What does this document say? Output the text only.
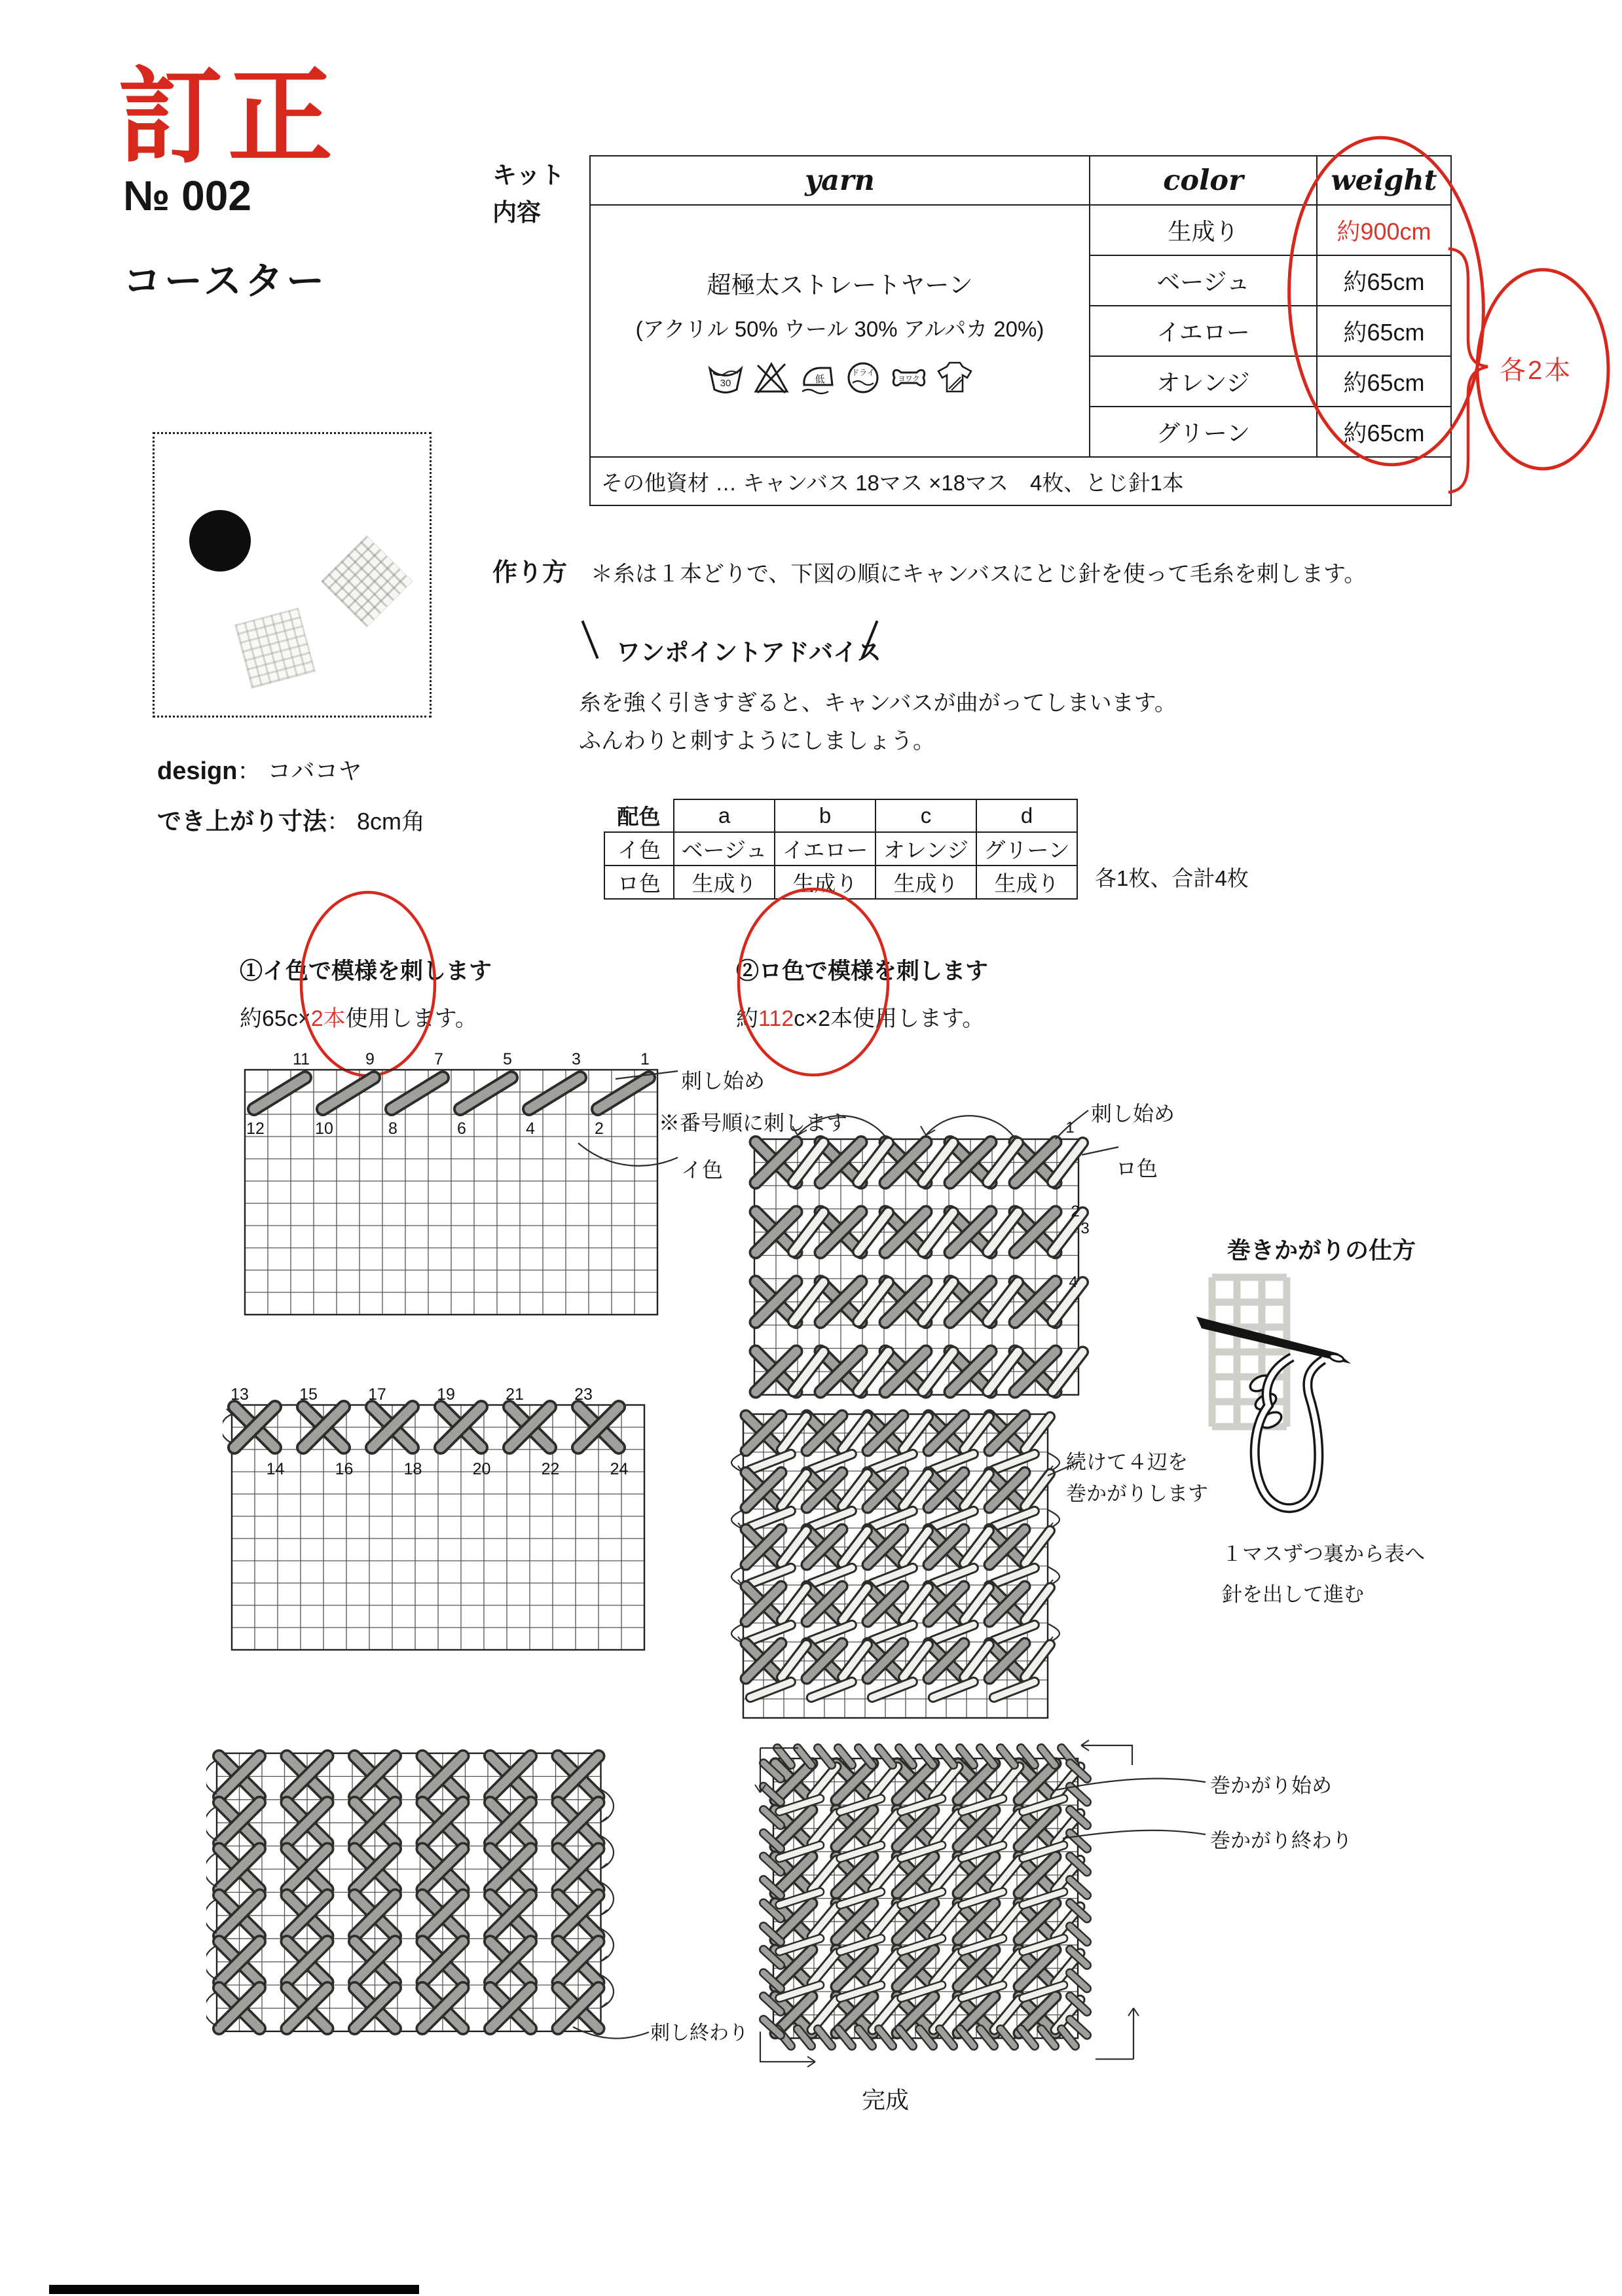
訂正
№ 002
コースター
キット
内容
yarn	color	weight

超極太ストレートヤーン
(アクリル 50% ウール 30% アルパカ 20%)
30	低
ドライ
ヨワク
	生成り	約900cm
	ベージュ	約65cm
	イエロー	約65cm
	オレンジ	約65cm
	グリーン	約65cm
その他資材 … キャンバス 18マス ×18マス　4枚、とじ針1本		
各2本
作り方 ＊糸は１本どりで、下図の順にキャンバスにとじ針を使って毛糸を刺します。
ワンポイントアドバイス
糸を強く引きすぎると、キャンバスが曲がってしまいます。
ふんわりと刺すようにしましょう。
design： コバコヤ
でき上がり寸法： 8cm角	配色	a	b	c	d
イ色	ベージュ	イエロー	オレンジ	グリーン
ロ色	生成り	生成り	生成り	生成り 各1枚、合計4枚
①イ色で模様を刺します
約65c×2本使用します。
11
12
9
10
7
8
5
6
3
4
1
2
刺し始め
※番号順に刺します
イ色
13
14
15
16
17
18
19
20
21
22
23
24
刺し終わり
②ロ色で模様を刺します
約112c×2本使用します。
1
2
3
4
刺し始め
ロ色
続けて４辺を
巻かがりします
巻かがり始め
巻かがり終わり
完成
巻きかがりの仕方
１マスずつ裏から表へ
針を出して進む
